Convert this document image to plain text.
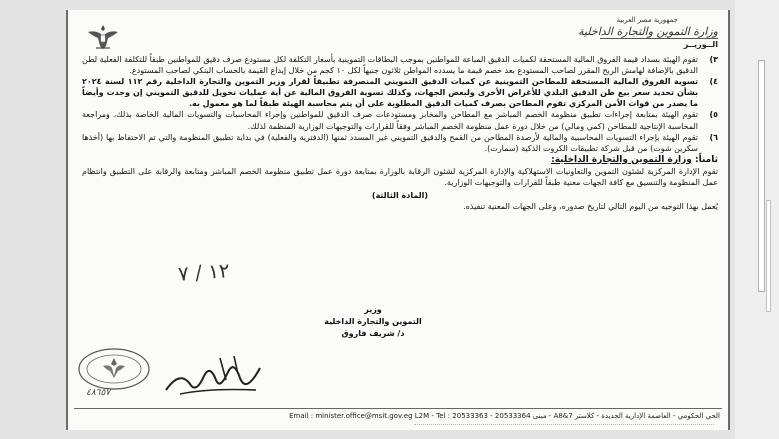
جمهورية مصر العربية
وزارة التموين والتجارة الداخلية
الــوزيــر
٣)
تقوم الهيئة بسداد قيمة الفروق المالية المستحقة لكميات الدقيق المباعة للمواطنين بموجب البطاقات التموينية بأسعار التكلفة لكل مستودع صرف دقيق للمواطنين طبقاً للتكلفة الفعلية لطن الدقيق بالإضافة لهامش الربح المقرر لصاحب المستودع بعد خصم قيمة ما يسدده المواطن ثلاثون جنيهاً لكل ١٠ كجم من خلال إيداع القيمة بالحساب البنكي لصاحب المستودع.
٤)
تسوية الفروق المالية المستحقة للمطاحن التموينية عن كميات الدقيق التمويني المنصرفة تطبيقاً لقرار وزير التموين والتجارة الداخلية رقم ١١٢ لسنة ٢٠٢٤ بشأن تحديد سعر بيع طن الدقيق البلدي للأغراض الأخرى ولبعض الجهات، وكذلك تسوية الفروق المالية عن أية عمليات تحويل للدقيق التمويني إن وجدت وأيضاً ما يصدر من قوات الأمن المركزي تقوم المطاحن بصرف كميات الدقيق المطلوبة على أن يتم محاسبة الهيئة طبقاً لما هو معمول به.
٥)
تقوم الهيئة بمتابعة إجراءات تطبيق منظومة الخصم المباشر مع المطاحن والمخابز ومستودعات صرف الدقيق للمواطنين وإجراء المحاسبات والتسويات المالية الخاصة بذلك، ومراجعة المحاسبة الإنتاجية للمطاحن (كمي ومالي) من خلال دورة عمل منظومة الخصم المباشر وفقاً للقرارات والتوجيهات الوزارية المنظمة لذلك.
٦)
تقوم الهيئة بإجراء التسويات المحاسبية والمالية لأرصدة المطاحن من القمح والدقيق التمويني غير المسدد ثمنها (الدفترية والفعلية) في بداية تطبيق المنظومة والتي تم الاحتفاظ بها (أخذها سكرين شوت) من قبل شركة تطبيقات الكروت الذكية (سمارت).
ثامناً: وزارة التموين والتجارة الداخلية:
تقوم الإدارة المركزية لشئون التموين والتعاونيات الاستهلاكية والإدارة المركزية لشئون الرقابة بالوزارة بمتابعة دورة عمل تطبيق منظومة الخصم المباشر ومتابعة والرقابة على التطبيق وانتظام عمل المنظومة والتنسيق مع كافة الجهات معنية طبقاً للقرارات والتوجيهات الوزارية.
(المادة الثالثة)
يُعمل بهذا التوجيه من اليوم التالي لتاريخ صدوره، وعلى الجهات المعنية تنفيذه.
١٢ / ٧
وزير
التموين والتجارة الداخلية
د/ شريف فاروق
٤٨٦٥٧
الحي الحكومي - العاصمة الإدارية الجديدة - كلاستر A8&7 - مبنى L2M - Tel : 20533363 - 20533364 Email : minister.office@msit.gov.eg
